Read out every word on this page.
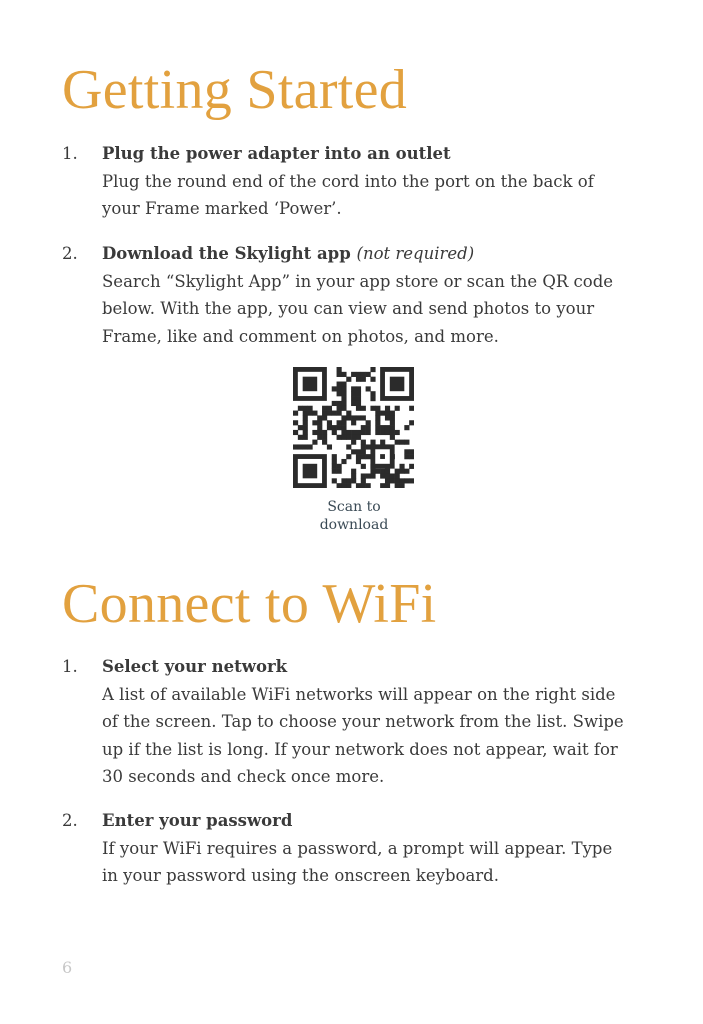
Getting Started
1. Plug the power adapter into an outlet
Plug the round end of the cord into the port on the back of your Frame marked ‘Power’.
2. Download the Skylight app (not required)
Search “Skylight App” in your app store or scan the QR code below. With the app, you can view and send photos to your Frame, like and comment on photos, and more.
Scan to
download
Connect to WiFi
1. Select your network
A list of available WiFi networks will appear on the right side of the screen. Tap to choose your network from the list. Swipe up if the list is long. If your network does not appear, wait for 30 seconds and check once more.
2. Enter your password
If your WiFi requires a password, a prompt will appear. Type in your password using the onscreen keyboard.
6
